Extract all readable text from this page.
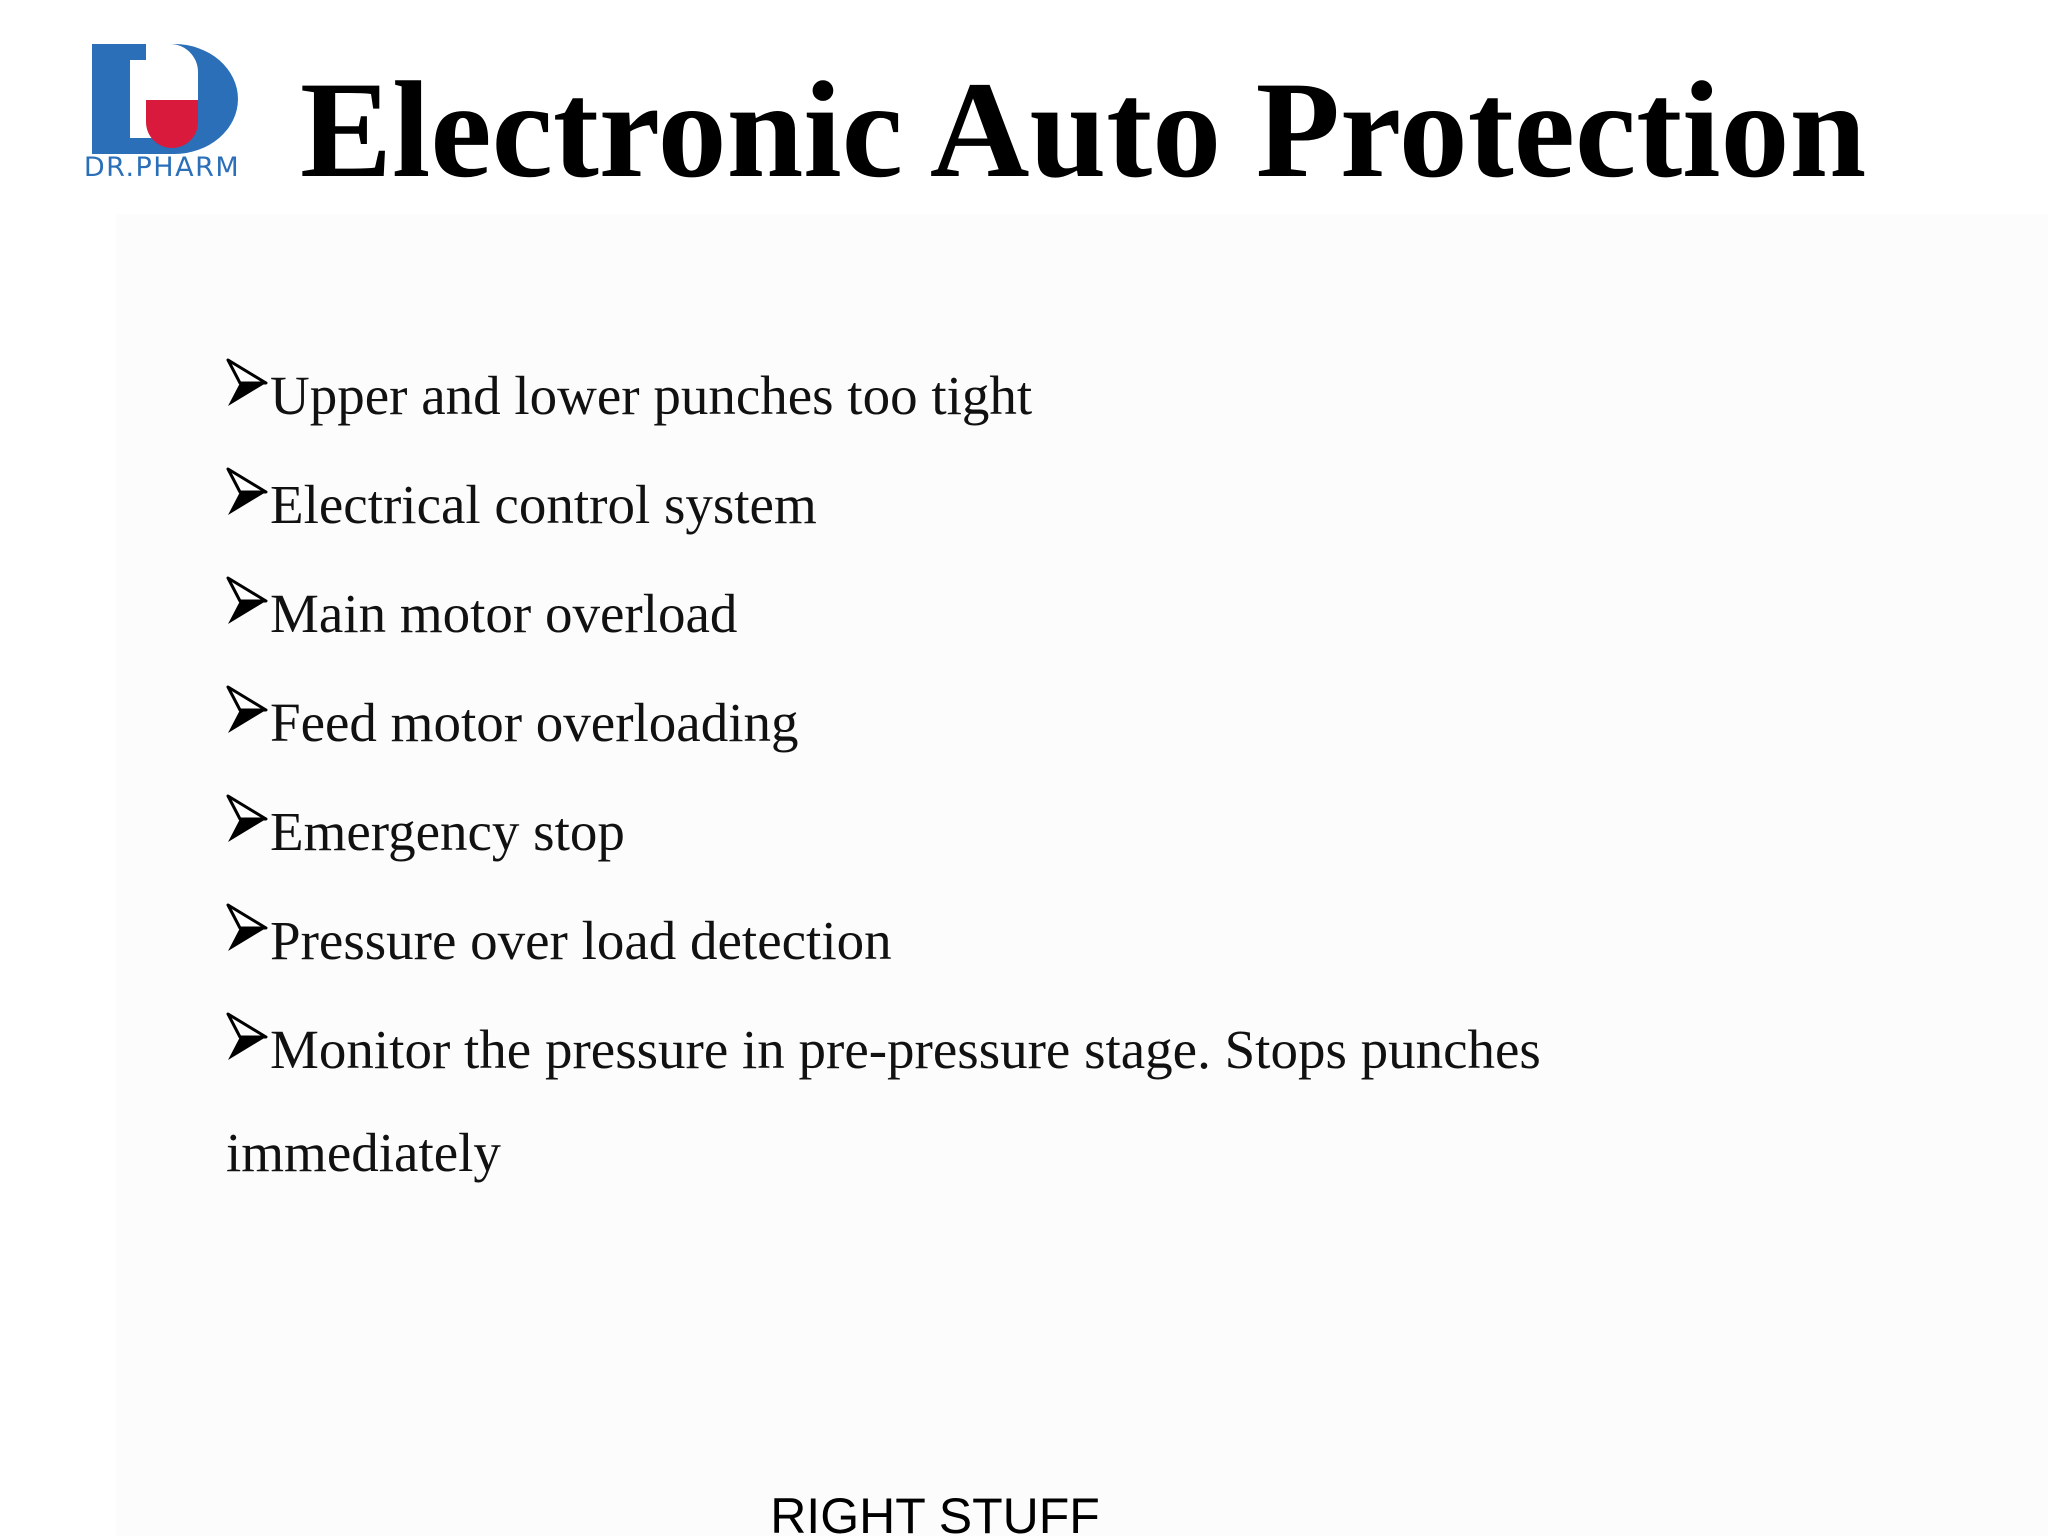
DR.PHARM Electronic Auto Protection
Upper and lower punches too tight
Electrical control system
Main motor overload
Feed motor overloading
Emergency stop
Pressure over load detection
Monitor the pressure in pre-pressure stage. Stops punches immediately
RIGHT STUFF
